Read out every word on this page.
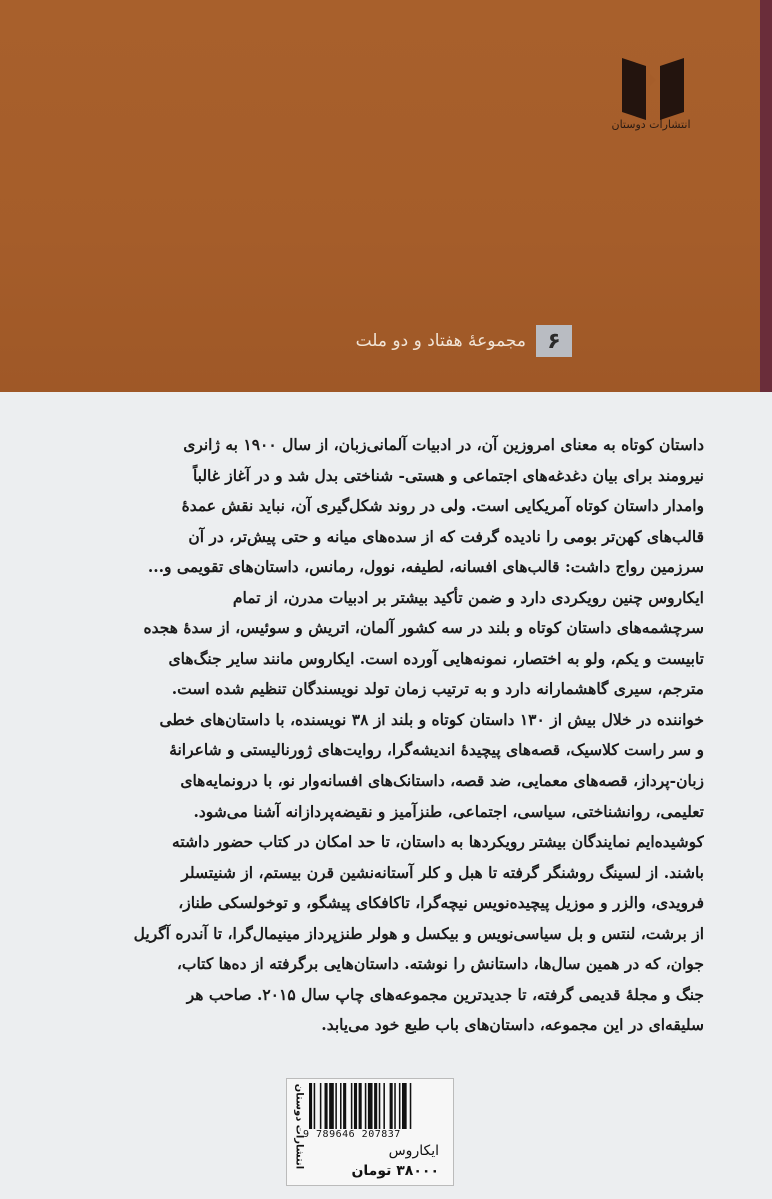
انتشارات دوستان
۶
مجموعهٔ هفتاد و دو ملت

داستان کوتاه به معنای امروزین آن، در ادبیات آلمانی‌زبان، از سال ۱۹۰۰ به ژانری

نیرومند برای بیان دغدغه‌های اجتماعی و هستی‌- شناختی بدل شد و در آغاز غالباً

وامدار داستان کوتاه آمریکایی است. ولی در روند شکل‌گیری آن، نباید نقش عمدهٔ

قالب‌های کهن‌تر بومی را نادیده گرفت که از سده‌های میانه و حتی پیش‌تر، در آن

سرزمین رواج داشت: قالب‌های افسانه، لطیفه، نوول، رمانس، داستان‌های تقویمی و...

ایکاروس چنین رویکردی دارد و ضمن تأکید بیشتر بر ادبیات مدرن، از تمام

سرچشمه‌های داستان کوتاه و بلند در سه کشور آلمان، اتریش و سوئیس، از سدهٔ هجده

تابیست و یکم، ولو به اختصار، نمونه‌هایی آورده است. ایکاروس مانند سایر جنگ‌های

مترجم، سیری گاهشمارانه دارد و به ترتیب زمان تولد نویسندگان تنظیم شده است.

خواننده در خلال بیش از ۱۳۰ داستان کوتاه و بلند از ۳۸ نویسنده، با داستان‌های خطی

و سر راست کلاسیک، قصه‌های پیچیدهٔ اندیشه‌گرا، روایت‌های ژورنالیستی و شاعرانهٔ

زبان-پرداز، قصه‌های معمایی، ضد قصه، داستانک‌های افسانه‌وار نو، با درونمایه‌های

تعلیمی، روانشناختی، سیاسی، اجتماعی، طنزآمیز و نقیضه‌پردازانه آشنا می‌شود.

کوشیده‌ایم نمایندگان بیشتر رویکردها به داستان، تا حد امکان در کتاب حضور داشته

باشند. از لسینگ روشنگر گرفته تا هبل و کلر آستانه‌نشین قرن بیستم، از شنیتسلر

فرویدی، والزر و موزیل پیچیده‌نویس نیچه‌گرا، تاکافکای پیشگو، و توخولسکی طناز،

از برشت، لنتس و بل سیاسی‌نویس و بیکسل و هولر طنزپرداز مینیمال‌گرا، تا آندره آگریل

جوان، که در همین سال‌ها، داستانش را نوشته. داستان‌هایی برگرفته از ده‌ها کتاب،

جنگ و مجلهٔ قدیمی گرفته، تا جدیدترین مجموعه‌های چاپ سال ۲۰۱۵. صاحب هر

سلیقه‌ای در این مجموعه، داستان‌های باب طبع خود می‌یابد.

انتشارات دوستان
9 789646 207837
ایکاروس
۳۸۰۰۰ تومان
